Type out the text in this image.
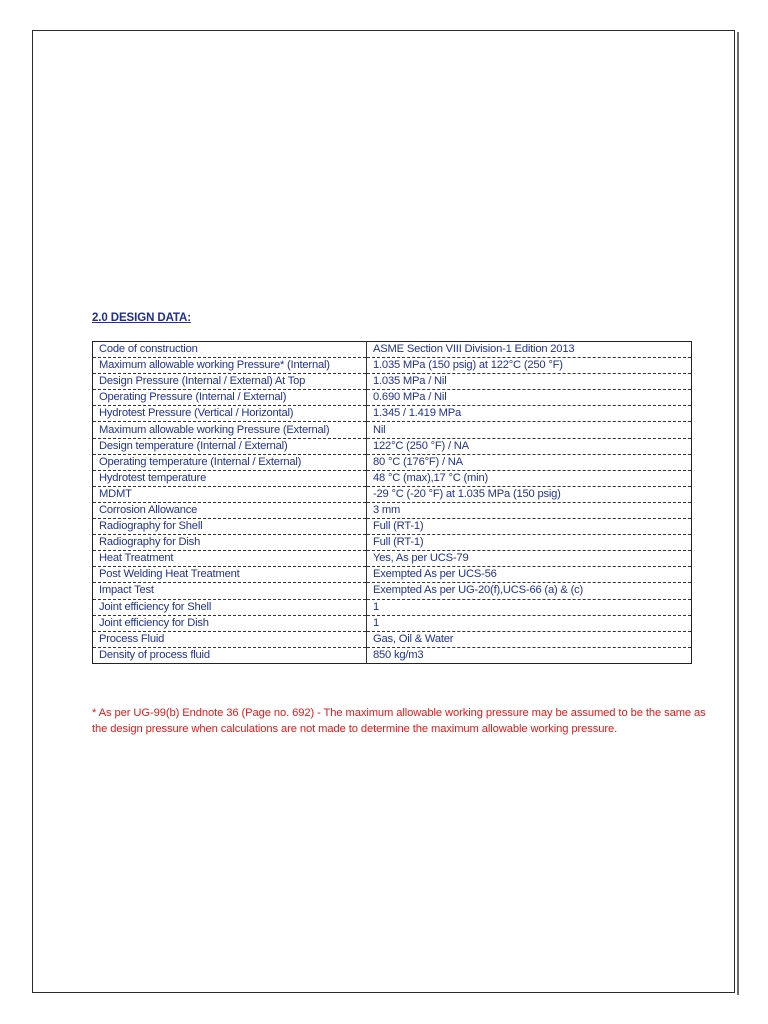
2.0 DESIGN DATA:
Code of construction	ASME Section VIII Division-1 Edition 2013
Maximum allowable working Pressure* (Internal)	1.035 MPa (150 psig) at 122°C (250 °F)
Design Pressure (Internal / External) At Top	1.035 MPa / Nil
Operating Pressure (Internal / External)	0.690 MPa / Nil
Hydrotest Pressure (Vertical / Horizontal)	1.345 / 1.419 MPa
Maximum allowable working Pressure (External)	Nil
Design temperature (Internal / External)	122°C (250 °F) / NA
Operating temperature (Internal / External)	80 °C (176°F) / NA
Hydrotest temperature	48 °C (max),17 °C (min)
MDMT	-29 °C (-20 °F) at 1.035 MPa (150 psig)
Corrosion Allowance	3 mm
Radiography for Shell	Full (RT-1)
Radiography for Dish	Full (RT-1)
Heat Treatment	Yes, As per UCS-79
Post Welding Heat Treatment	Exempted As per UCS-56
Impact Test	Exempted As per UG-20(f),UCS-66 (a) & (c)
Joint efficiency for Shell	1
Joint efficiency for Dish	1
Process Fluid	Gas, Oil & Water
Density of process fluid	850 kg/m3

* As per UG-99(b) Endnote 36 (Page no. 692) - The maximum allowable working pressure may be assumed to be the same as the design pressure when calculations are not made to determine the maximum allowable working pressure.
